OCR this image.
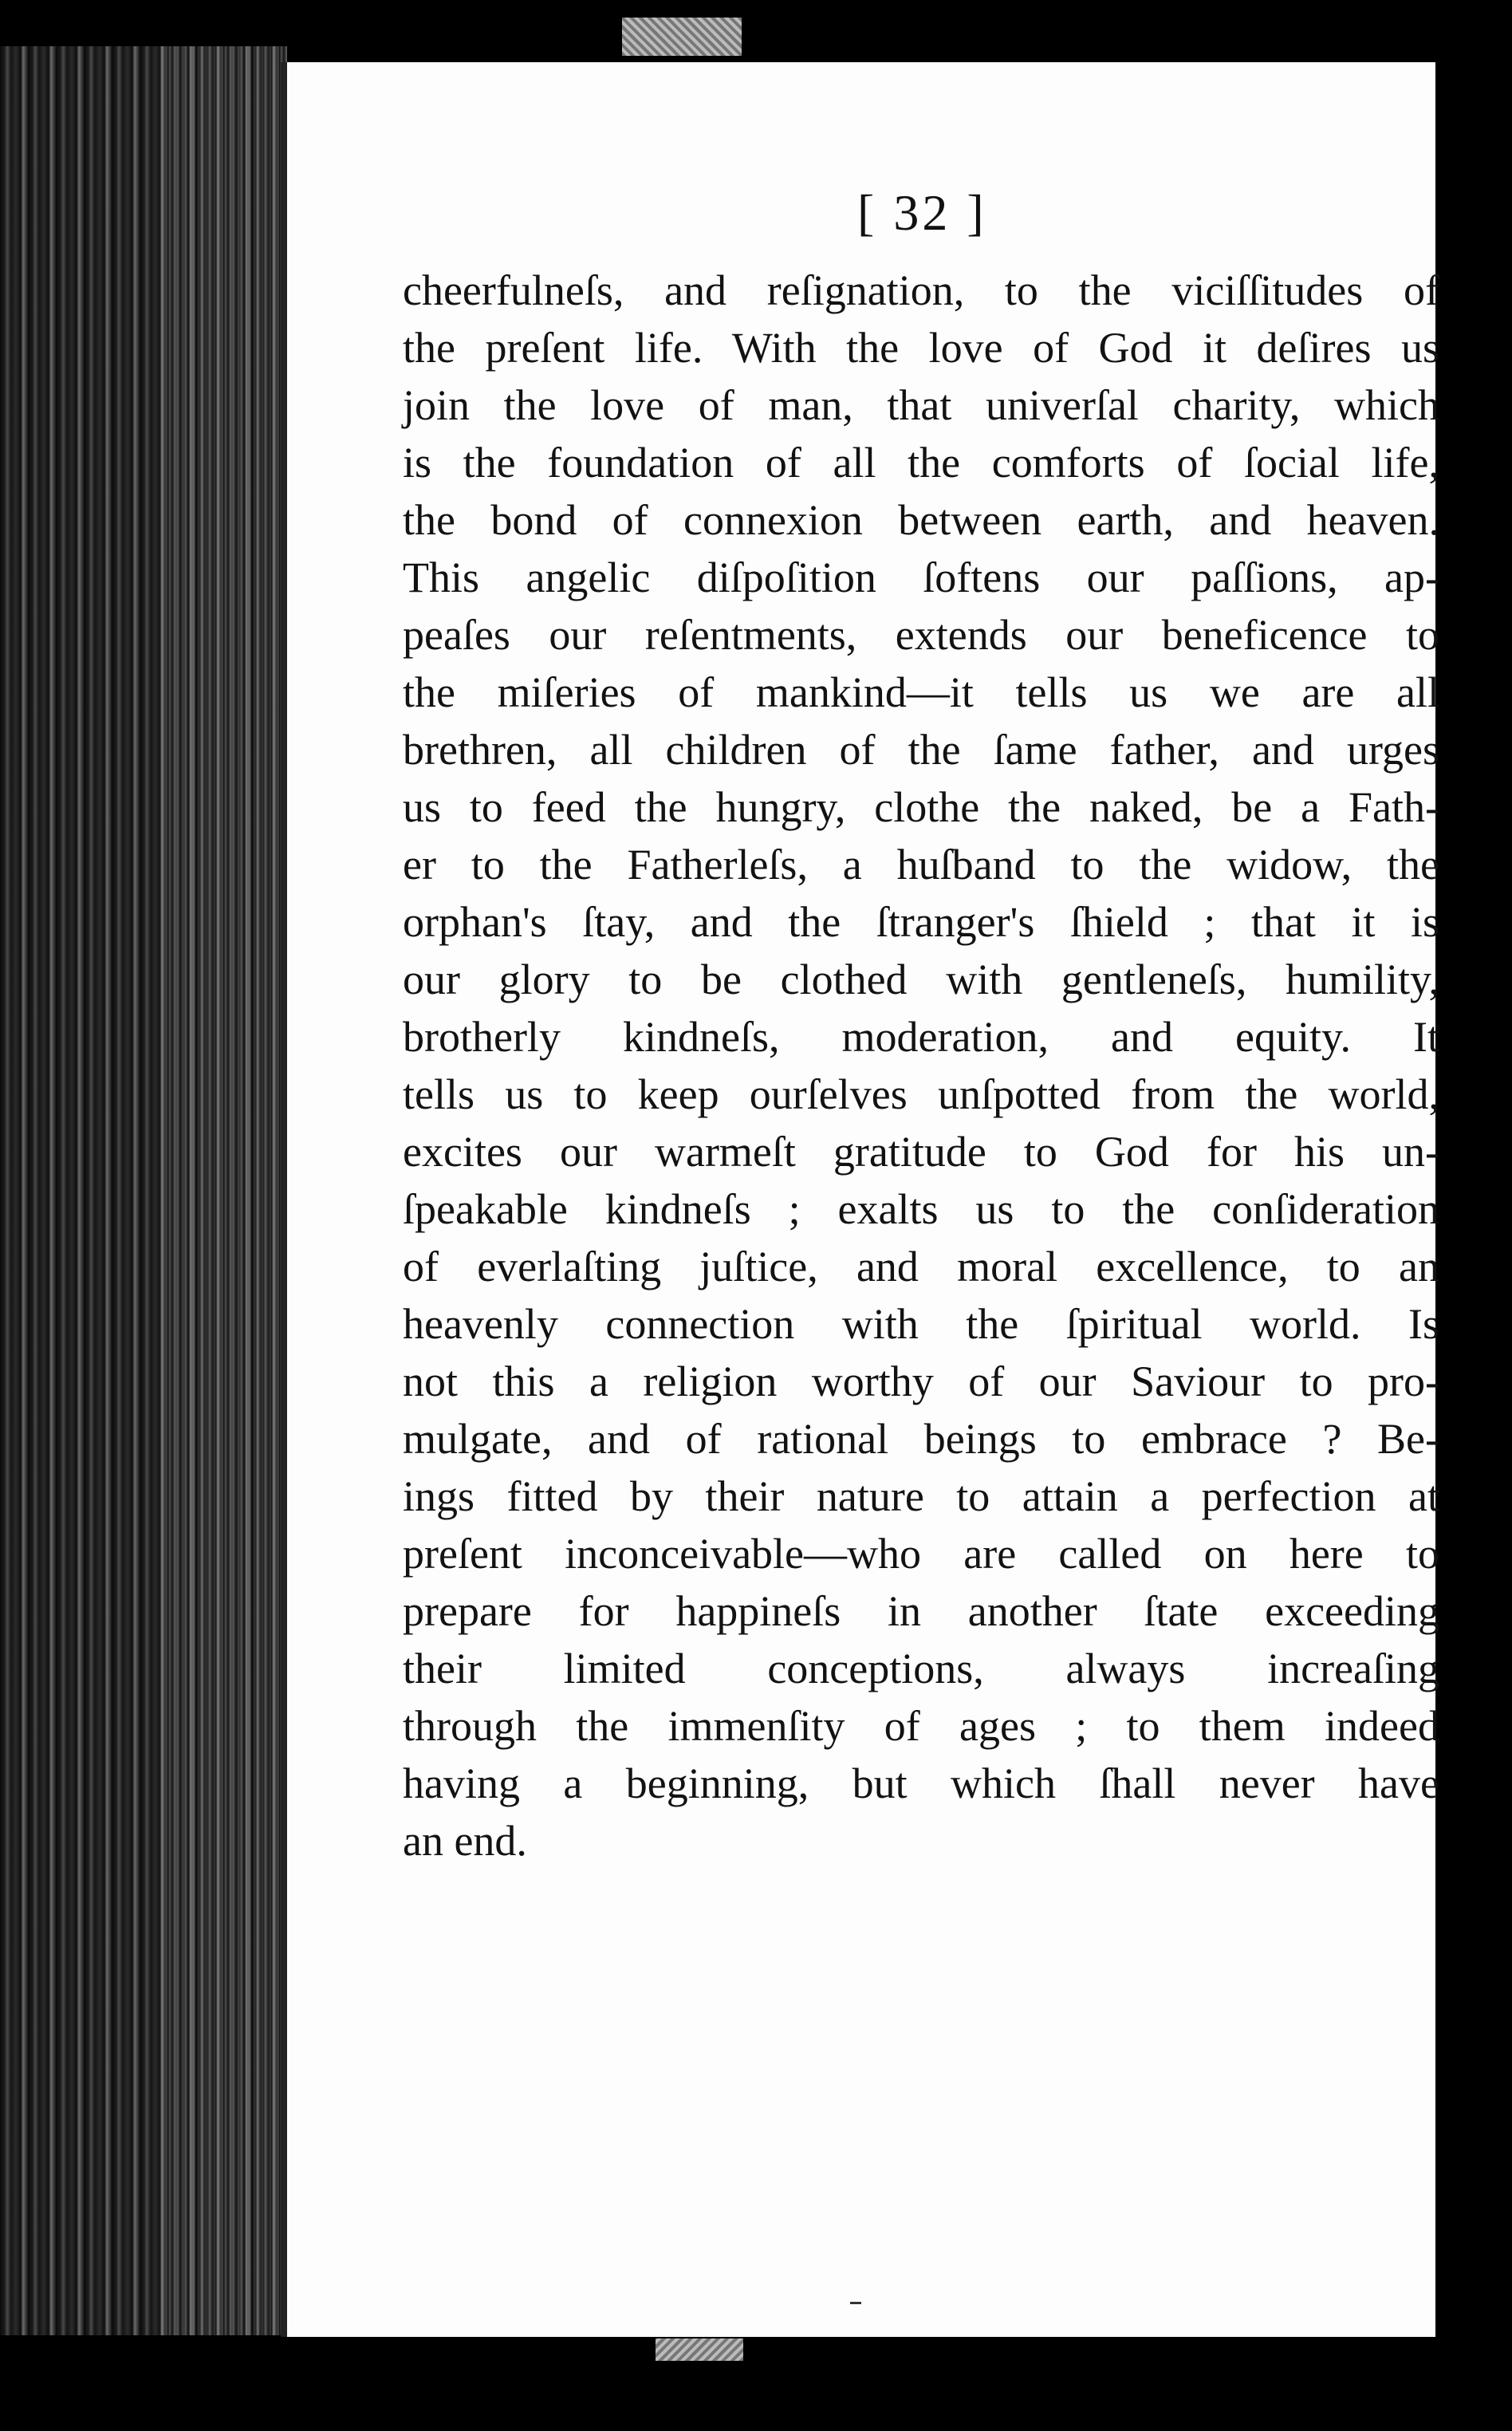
[ 32 ]
cheerfulneſs, and reſignation, to the viciſſitudes of
the preſent life. With the love of God it deſires us
join the love of man, that univerſal charity, which
is the foundation of all the comforts of ſocial life,
the bond of connexion between earth, and heaven.
This angelic diſpoſition ſoftens our paſſions, ap-
peaſes our reſentments, extends our beneficence to
the miſeries of mankind—it tells us we are all
brethren, all children of the ſame father, and urges
us to feed the hungry, clothe the naked, be a Fath-
er to the Fatherleſs, a huſband to the widow, the
orphan's ſtay, and the ſtranger's ſhield ; that it is
our glory to be clothed with gentleneſs, humility,
brotherly kindneſs, moderation, and equity. It
tells us to keep ourſelves unſpotted from the world,
excites our warmeſt gratitude to God for his un-
ſpeakable kindneſs ; exalts us to the conſideration
of everlaſting juſtice, and moral excellence, to an
heavenly connection with the ſpiritual world. Is
not this a religion worthy of our Saviour to pro-
mulgate, and of rational beings to embrace ? Be-
ings fitted by their nature to attain a perfection at
preſent inconceivable—who are called on here to
prepare for happineſs in another ſtate exceeding
their limited conceptions, always increaſing
through the immenſity of ages ; to them indeed
having a beginning, but which ſhall never have
an end.
